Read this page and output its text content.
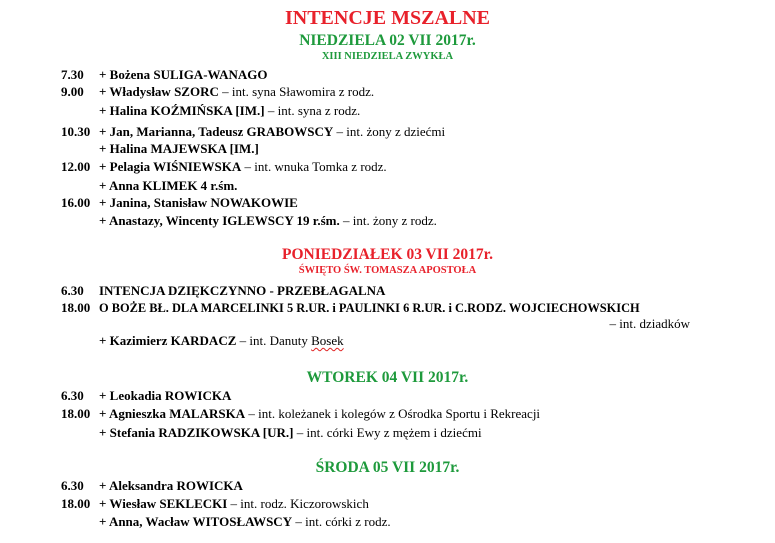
INTENCJE MSZALNE
NIEDZIELA 02 VII 2017r.
XIII NIEDZIELA ZWYKŁA
7.30 + Bożena SULIGA-WANAGO
9.00 + Władysław SZORC – int. syna Sławomira z rodz.
+ Halina KOŹMIŃSKA [IM.] – int. syna z rodz.
10.30 + Jan, Marianna, Tadeusz GRABOWSCY – int. żony z dziećmi
+ Halina MAJEWSKA [IM.]
12.00 + Pelagia WIŚNIEWSKA – int. wnuka Tomka z rodz.
+ Anna KLIMEK 4 r.śm.
16.00 + Janina, Stanisław NOWAKOWIE
+ Anastazy, Wincenty IGLEWSCY 19 r.śm. – int. żony z rodz.
PONIEDZIAŁEK 03 VII 2017r.
ŚWIĘTO ŚW. TOMASZA APOSTOŁA
6.30 INTENCJA DZIĘKCZYNNO - PRZEBŁAGALNA
18.00 O BOŻE BŁ. DLA MARCELINKI 5 R.UR. i PAULINKI 6 R.UR. i C.RODZ. WOJCIECHOWSKICH
– int. dziadków
+ Kazimierz KARDACZ – int. Danuty Bosek
WTOREK 04 VII 2017r.
6.30 + Leokadia ROWICKA
18.00 + Agnieszka MALARSKA – int. koleżanek i kolegów z Ośrodka Sportu i Rekreacji
+ Stefania RADZIKOWSKA [UR.] – int. córki Ewy z mężem i dziećmi
ŚRODA 05 VII 2017r.
6.30 + Aleksandra ROWICKA
18.00 + Wiesław SEKLECKI – int. rodz. Kiczorowskich
+ Anna, Wacław WITOSŁAWSCY – int. córki z rodz.
